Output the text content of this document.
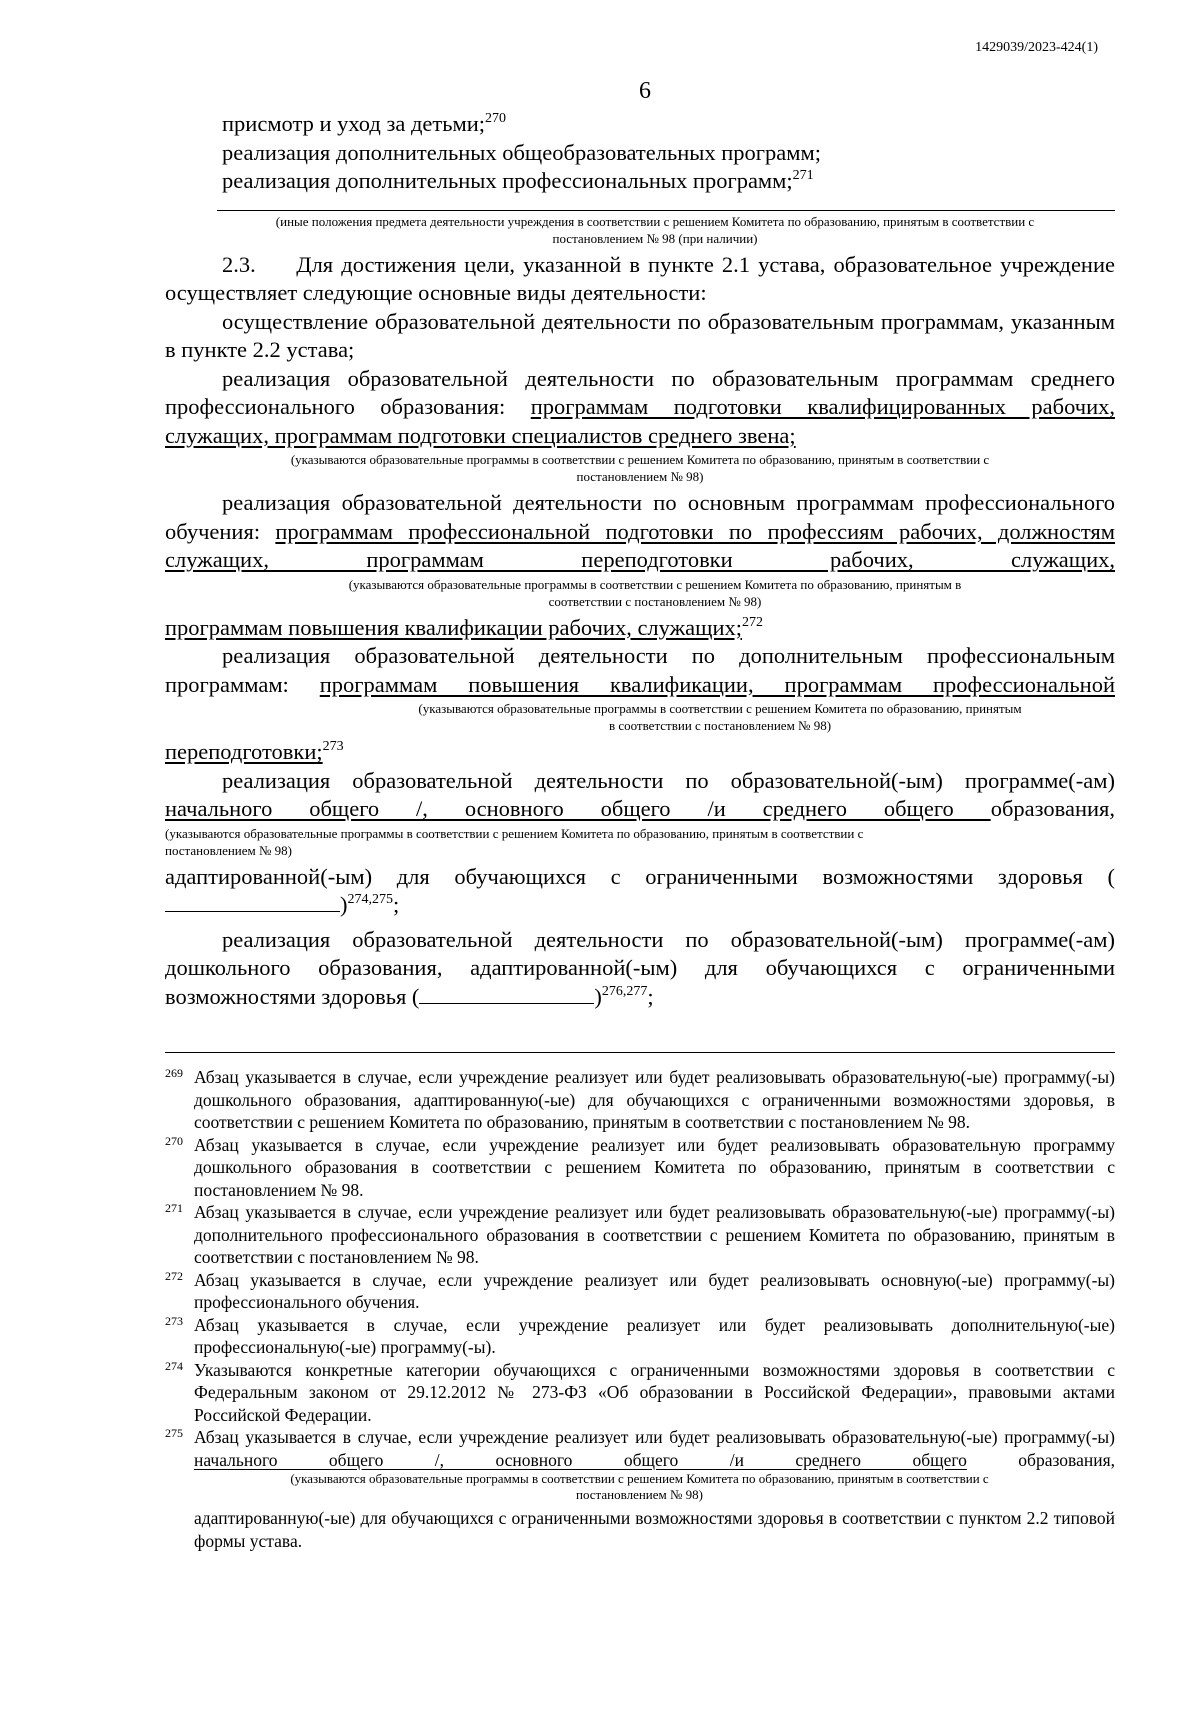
1429039/2023-424(1)
6
присмотр и уход за детьми;$^{270}$
реализация дополнительных общеобразовательных программ;
реализация дополнительных профессиональных программ;$^{271}$
(иные положения предмета деятельности учреждения в соответствии с решением Комитета по образованию, принятым в соответствии с постановлением № 98 (при наличии)
2.3. Для достижения цели, указанной в пункте 2.1 устава, образовательное учреждение осуществляет следующие основные виды деятельности:
осуществление образовательной деятельности по образовательным программам, указанным в пункте 2.2 устава;
реализация образовательной деятельности по образовательным программам среднего профессионального образования: программам подготовки квалифицированных рабочих, служащих, программам подготовки специалистов среднего звена;
(указываются образовательные программы в соответствии с решением Комитета по образованию, принятым в соответствии с постановлением № 98)
реализация образовательной деятельности по основным программам профессионального обучения: программам профессиональной подготовки по профессиям рабочих, должностям служащих, программам переподготовки рабочих, служащих,
(указываются образовательные программы в соответствии с решением Комитета по образованию, принятым в соответствии с постановлением № 98)
программам повышения квалификации рабочих, служащих;$^{272}$
реализация образовательной деятельности по дополнительным профессиональным программам: программам повышения квалификации, программам профессиональной
(указываются образовательные программы в соответствии с решением Комитета по образованию, принятым в соответствии с постановлением № 98)
переподготовки;$^{273}$
реализация образовательной деятельности по образовательной(-ым) программе(-ам) начального общего /, основного общего /и среднего общего образования,
(указываются образовательные программы в соответствии с решением Комитета по образованию, принятым в соответствии с постановлением № 98)
адаптированной(-ым) для обучающихся с ограниченными возможностями здоровья ()$^{274,275}$;
реализация образовательной деятельности по образовательной(-ым) программе(-ам) дошкольного образования, адаптированной(-ым) для обучающихся с ограниченными возможностями здоровья (	)$^{276,277}$;
269 Абзац указывается в случае, если учреждение реализует или будет реализовывать образовательную(-ые) программу(-ы) дошкольного образования, адаптированную(-ые) для обучающихся с ограниченными возможностями здоровья, в соответствии с решением Комитета по образованию, принятым в соответствии с постановлением № 98.
270 Абзац указывается в случае, если учреждение реализует или будет реализовывать образовательную программу дошкольного образования в соответствии с решением Комитета по образованию, принятым в соответствии с постановлением № 98.
271 Абзац указывается в случае, если учреждение реализует или будет реализовывать образовательную(-ые) программу(-ы) дополнительного профессионального образования в соответствии с решением Комитета по образованию, принятым в соответствии с постановлением № 98.
272 Абзац указывается в случае, если учреждение реализует или будет реализовывать основную(-ые) программу(-ы) профессионального обучения.
273 Абзац указывается в случае, если учреждение реализует или будет реализовывать дополнительную(-ые) профессиональную(-ые) программу(-ы).
274 Указываются конкретные категории обучающихся с ограниченными возможностями здоровья в соответствии с Федеральным законом от 29.12.2012 № 273-ФЗ «Об образовании в Российской Федерации», правовыми актами Российской Федерации.
275 Абзац указывается в случае, если учреждение реализует или будет реализовывать образовательную(-ые) программу(-ы) начального общего /, основного общего /и среднего общего образования,
(указываются образовательные программы в соответствии с решением Комитета по образованию, принятым в соответствии с постановлением № 98)
адаптированную(-ые) для обучающихся с ограниченными возможностями здоровья в соответствии с пунктом 2.2 типовой формы устава.
